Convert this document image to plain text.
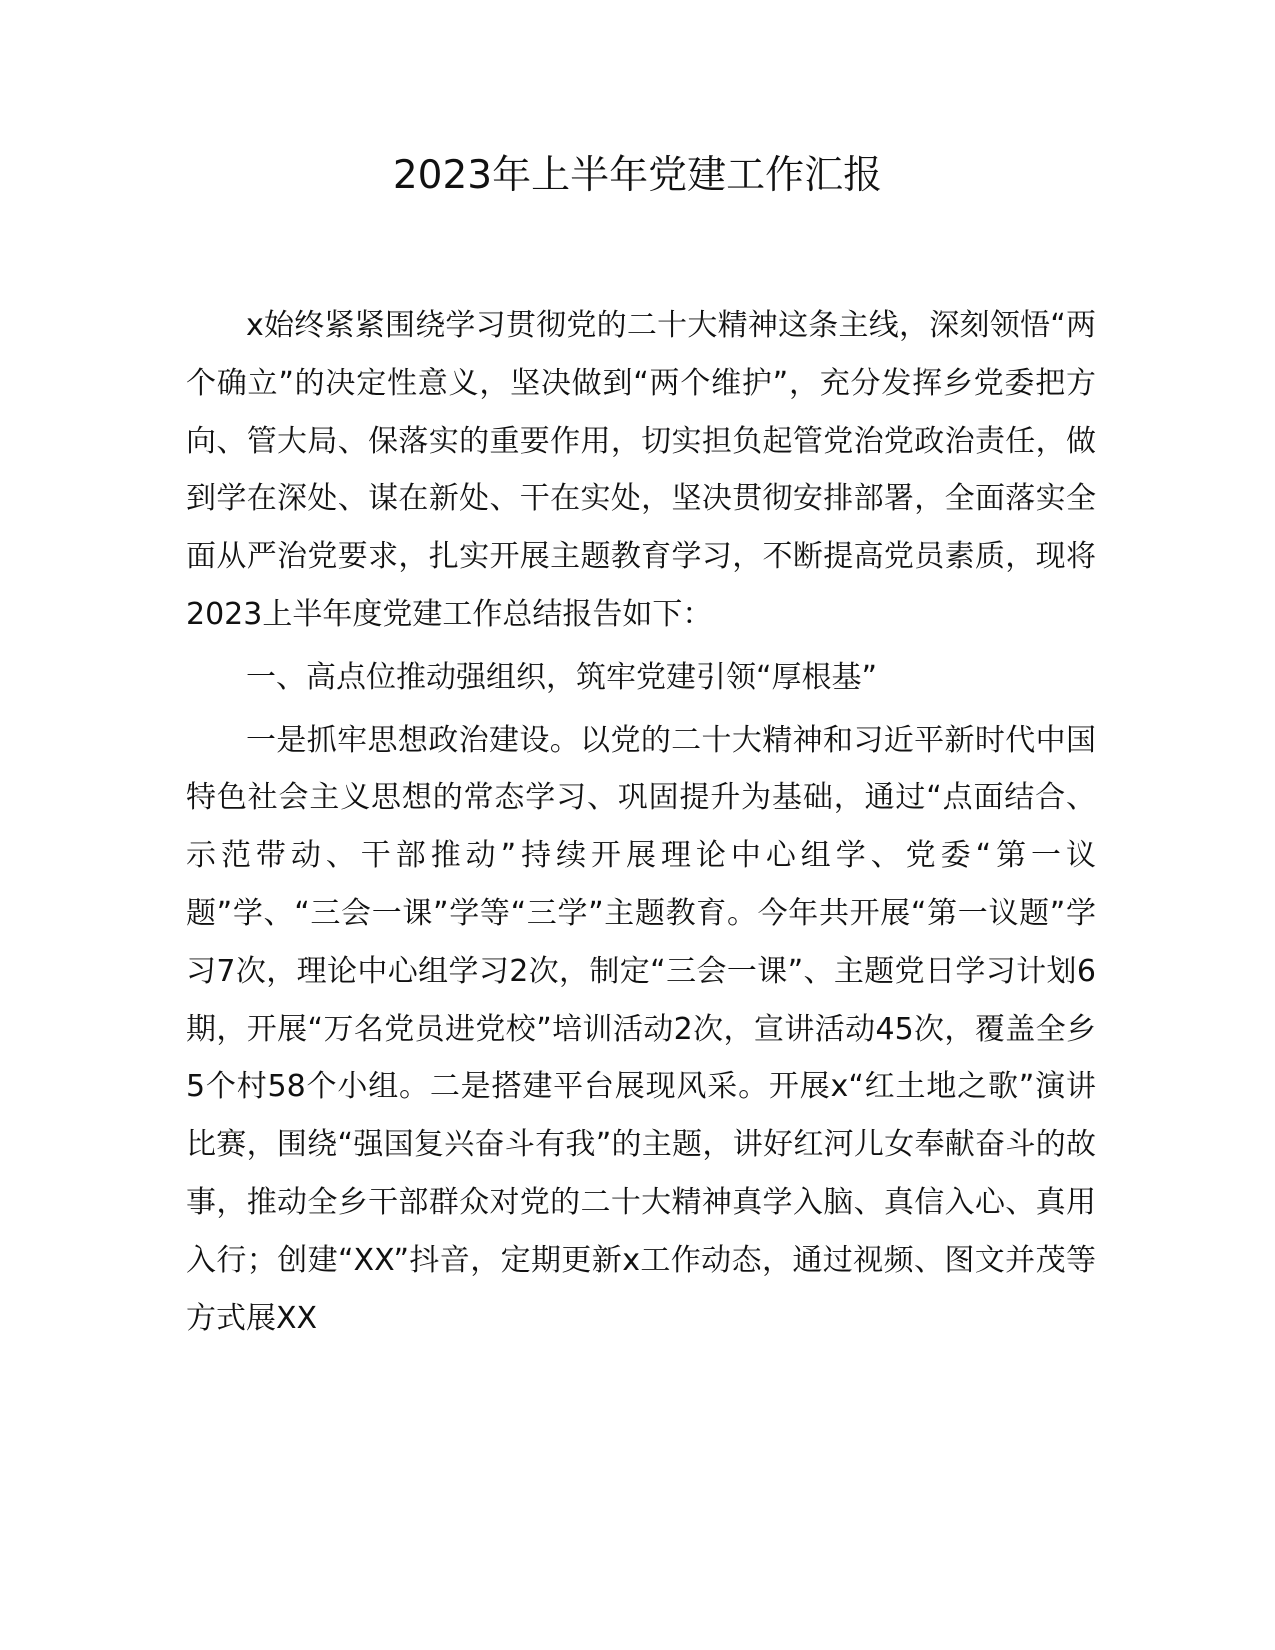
2023年上半年党建工作汇报

x始终紧紧围绕学习贯彻党的二十大精神这条主线，深刻领悟“两个确立”的决定性意义，坚决做到“两个维护”，充分发挥乡党委把方向、管大局、保落实的重要作用，切实担负起管党治党政治责任，做到学在深处、谋在新处、干在实处，坚决贯彻安排部署，全面落实全面从严治党要求，扎实开展主题教育学习，不断提高党员素质，现将2023上半年度党建工作总结报告如下：

一、高点位推动强组织，筑牢党建引领“厚根基”

一是抓牢思想政治建设。以党的二十大精神和习近平新时代中国特色社会主义思想的常态学习、巩固提升为基础，通过“点面结合、示范带动、干部推动”持续开展理论中心组学、党委“第一议题”学、“三会一课”学等“三学”主题教育。今年共开展“第一议题”学习7次，理论中心组学习2次，制定“三会一课”、主题党日学习计划6期，开展“万名党员进党校”培训活动2次，宣讲活动45次，覆盖全乡5个村58个小组。二是搭建平台展现风采。开展x“红土地之歌”演讲比赛，围绕“强国复兴奋斗有我”的主题，讲好红河儿女奉献奋斗的故事，推动全乡干部群众对党的二十大精神真学入脑、真信入心、真用入行；创建“XX”抖音，定期更新x工作动态，通过视频、图文并茂等方式展XX
